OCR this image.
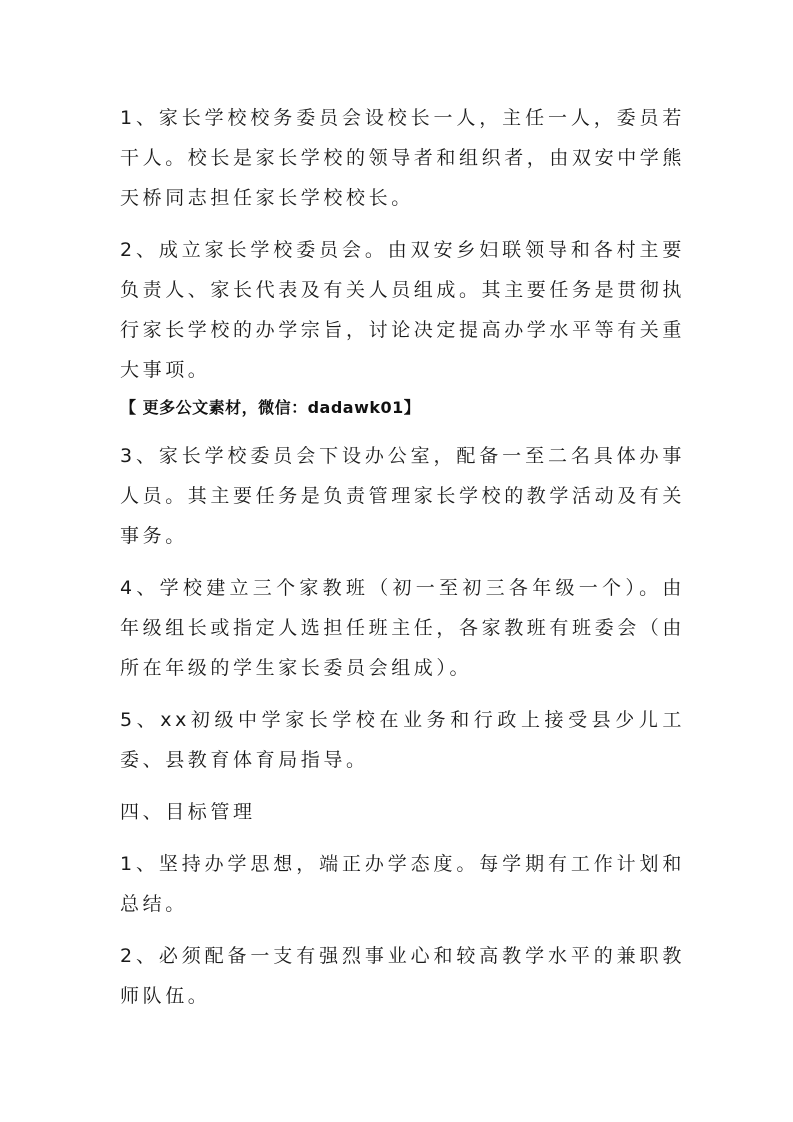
1、家长学校校务委员会设校长一人，主任一人，委员若干人。校长是家长学校的领导者和组织者，由双安中学熊天桥同志担任家长学校校长。

2、成立家长学校委员会。由双安乡妇联领导和各村主要负责人、家长代表及有关人员组成。其主要任务是贯彻执行家长学校的办学宗旨，讨论决定提高办学水平等有关重大事项。

【 更多公文素材，微信：dadawk01】

3、家长学校委员会下设办公室，配备一至二名具体办事人员。其主要任务是负责管理家长学校的教学活动及有关事务。

4、学校建立三个家教班（初一至初三各年级一个）。由年级组长或指定人选担任班主任，各家教班有班委会（由所在年级的学生家长委员会组成）。

5、xx初级中学家长学校在业务和行政上接受县少儿工委、县教育体育局指导。

四、目标管理

1、坚持办学思想，端正办学态度。每学期有工作计划和总结。

2、必须配备一支有强烈事业心和较高教学水平的兼职教师队伍。
